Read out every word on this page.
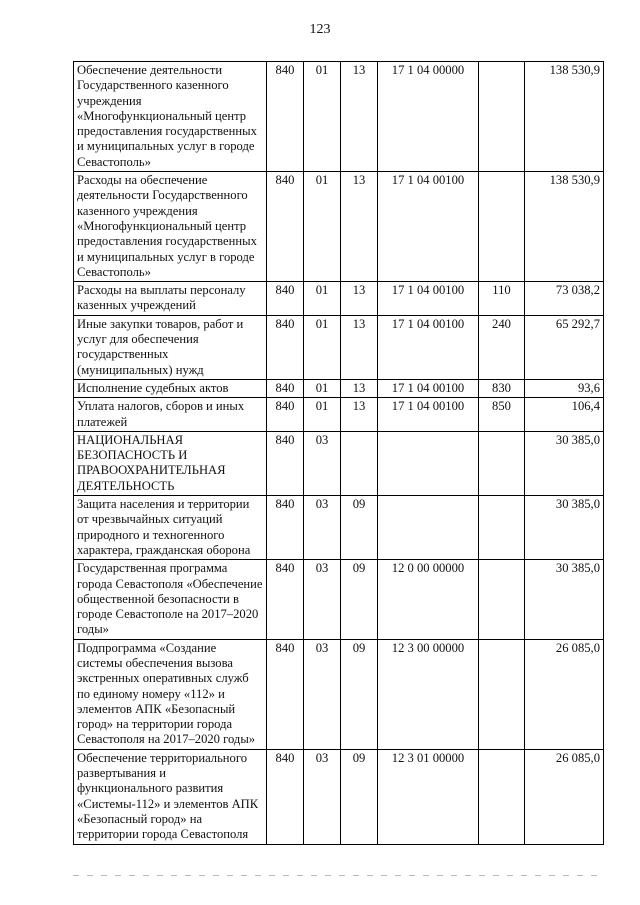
123
Обеспечение деятельности Государственного казенного учреждения «Многофункциональный центр предоставления государственных и муниципальных услуг в городе Севастополь»	840	01	13	17 1 04 00000		138 530,9
Расходы на обеспечение деятельности Государственного казенного учреждения «Многофункциональный центр предоставления государственных и муниципальных услуг в городе Севастополь»	840	01	13	17 1 04 00100		138 530,9
Расходы на выплаты персоналу казенных учреждений	840	01	13	17 1 04 00100	110	73 038,2
Иные закупки товаров, работ и услуг для обеспечения государственных (муниципальных) нужд	840	01	13	17 1 04 00100	240	65 292,7
Исполнение судебных актов	840	01	13	17 1 04 00100	830	93,6
Уплата налогов, сборов и иных платежей	840	01	13	17 1 04 00100	850	106,4
НАЦИОНАЛЬНАЯ БЕЗОПАСНОСТЬ И ПРАВООХРАНИТЕЛЬНАЯ ДЕЯТЕЛЬНОСТЬ	840	03				30 385,0
Защита населения и территории от чрезвычайных ситуаций природного и техногенного характера, гражданская оборона	840	03	09			30 385,0
Государственная программа города Севастополя «Обеспечение общественной безопасности в городе Севастополе на 2017–2020 годы»	840	03	09	12 0 00 00000		30 385,0
Подпрограмма «Создание системы обеспечения вызова экстренных оперативных служб по единому номеру «112» и элементов АПК «Безопасный город» на территории города Севастополя на 2017–2020 годы»	840	03	09	12 3 00 00000		26 085,0
Обеспечение территориального развертывания и функционального развития «Системы-112» и элементов АПК «Безопасный город» на территории города Севастополя	840	03	09	12 3 01 00000		26 085,0
